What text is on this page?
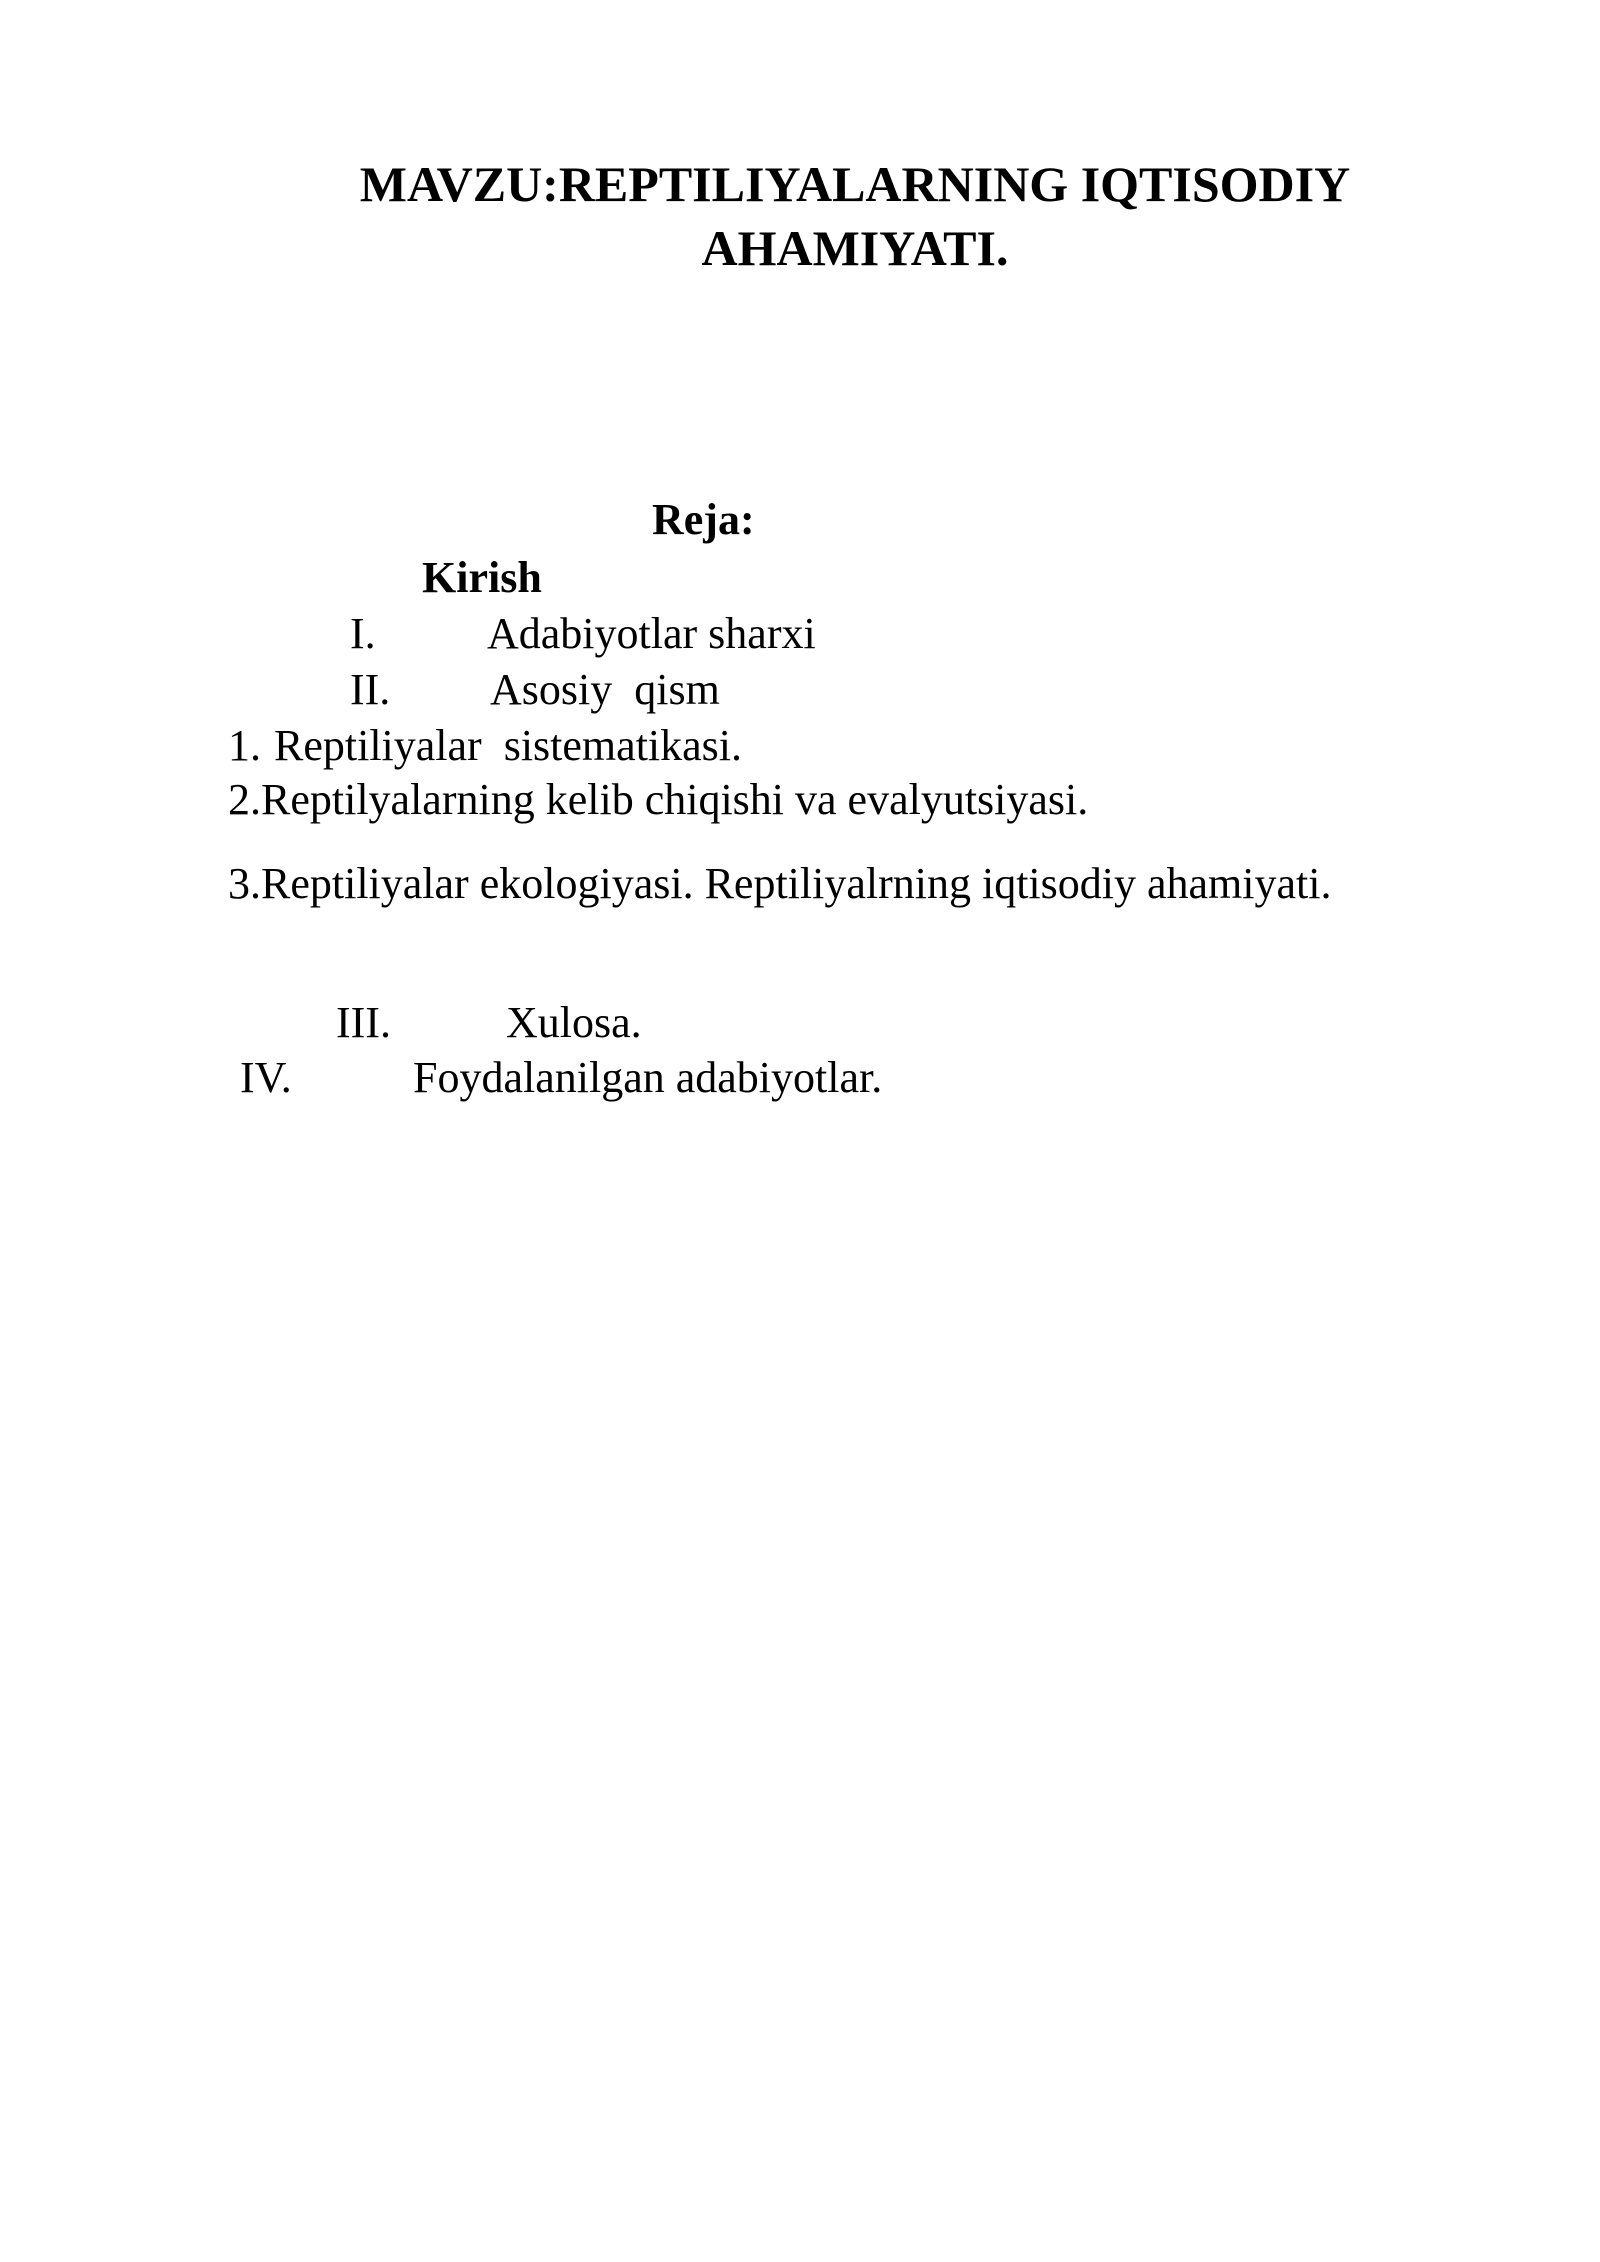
MAVZU:REPTILIYALARNING IQTISODIY
AHAMIYATI.

Reja:

Kirish

I.	Adabiyotlar sharxi

II. Asosiy  qism

1. Reptiliyalar  sistematikasi.

2.Reptilyalarning kelib chiqishi va evalyutsiyasi.

3.Reptiliyalar ekologiyasi. Reptiliyalrning iqtisodiy ahamiyati.

III.	Xulosa.

IV.	Foydalanilgan adabiyotlar.
